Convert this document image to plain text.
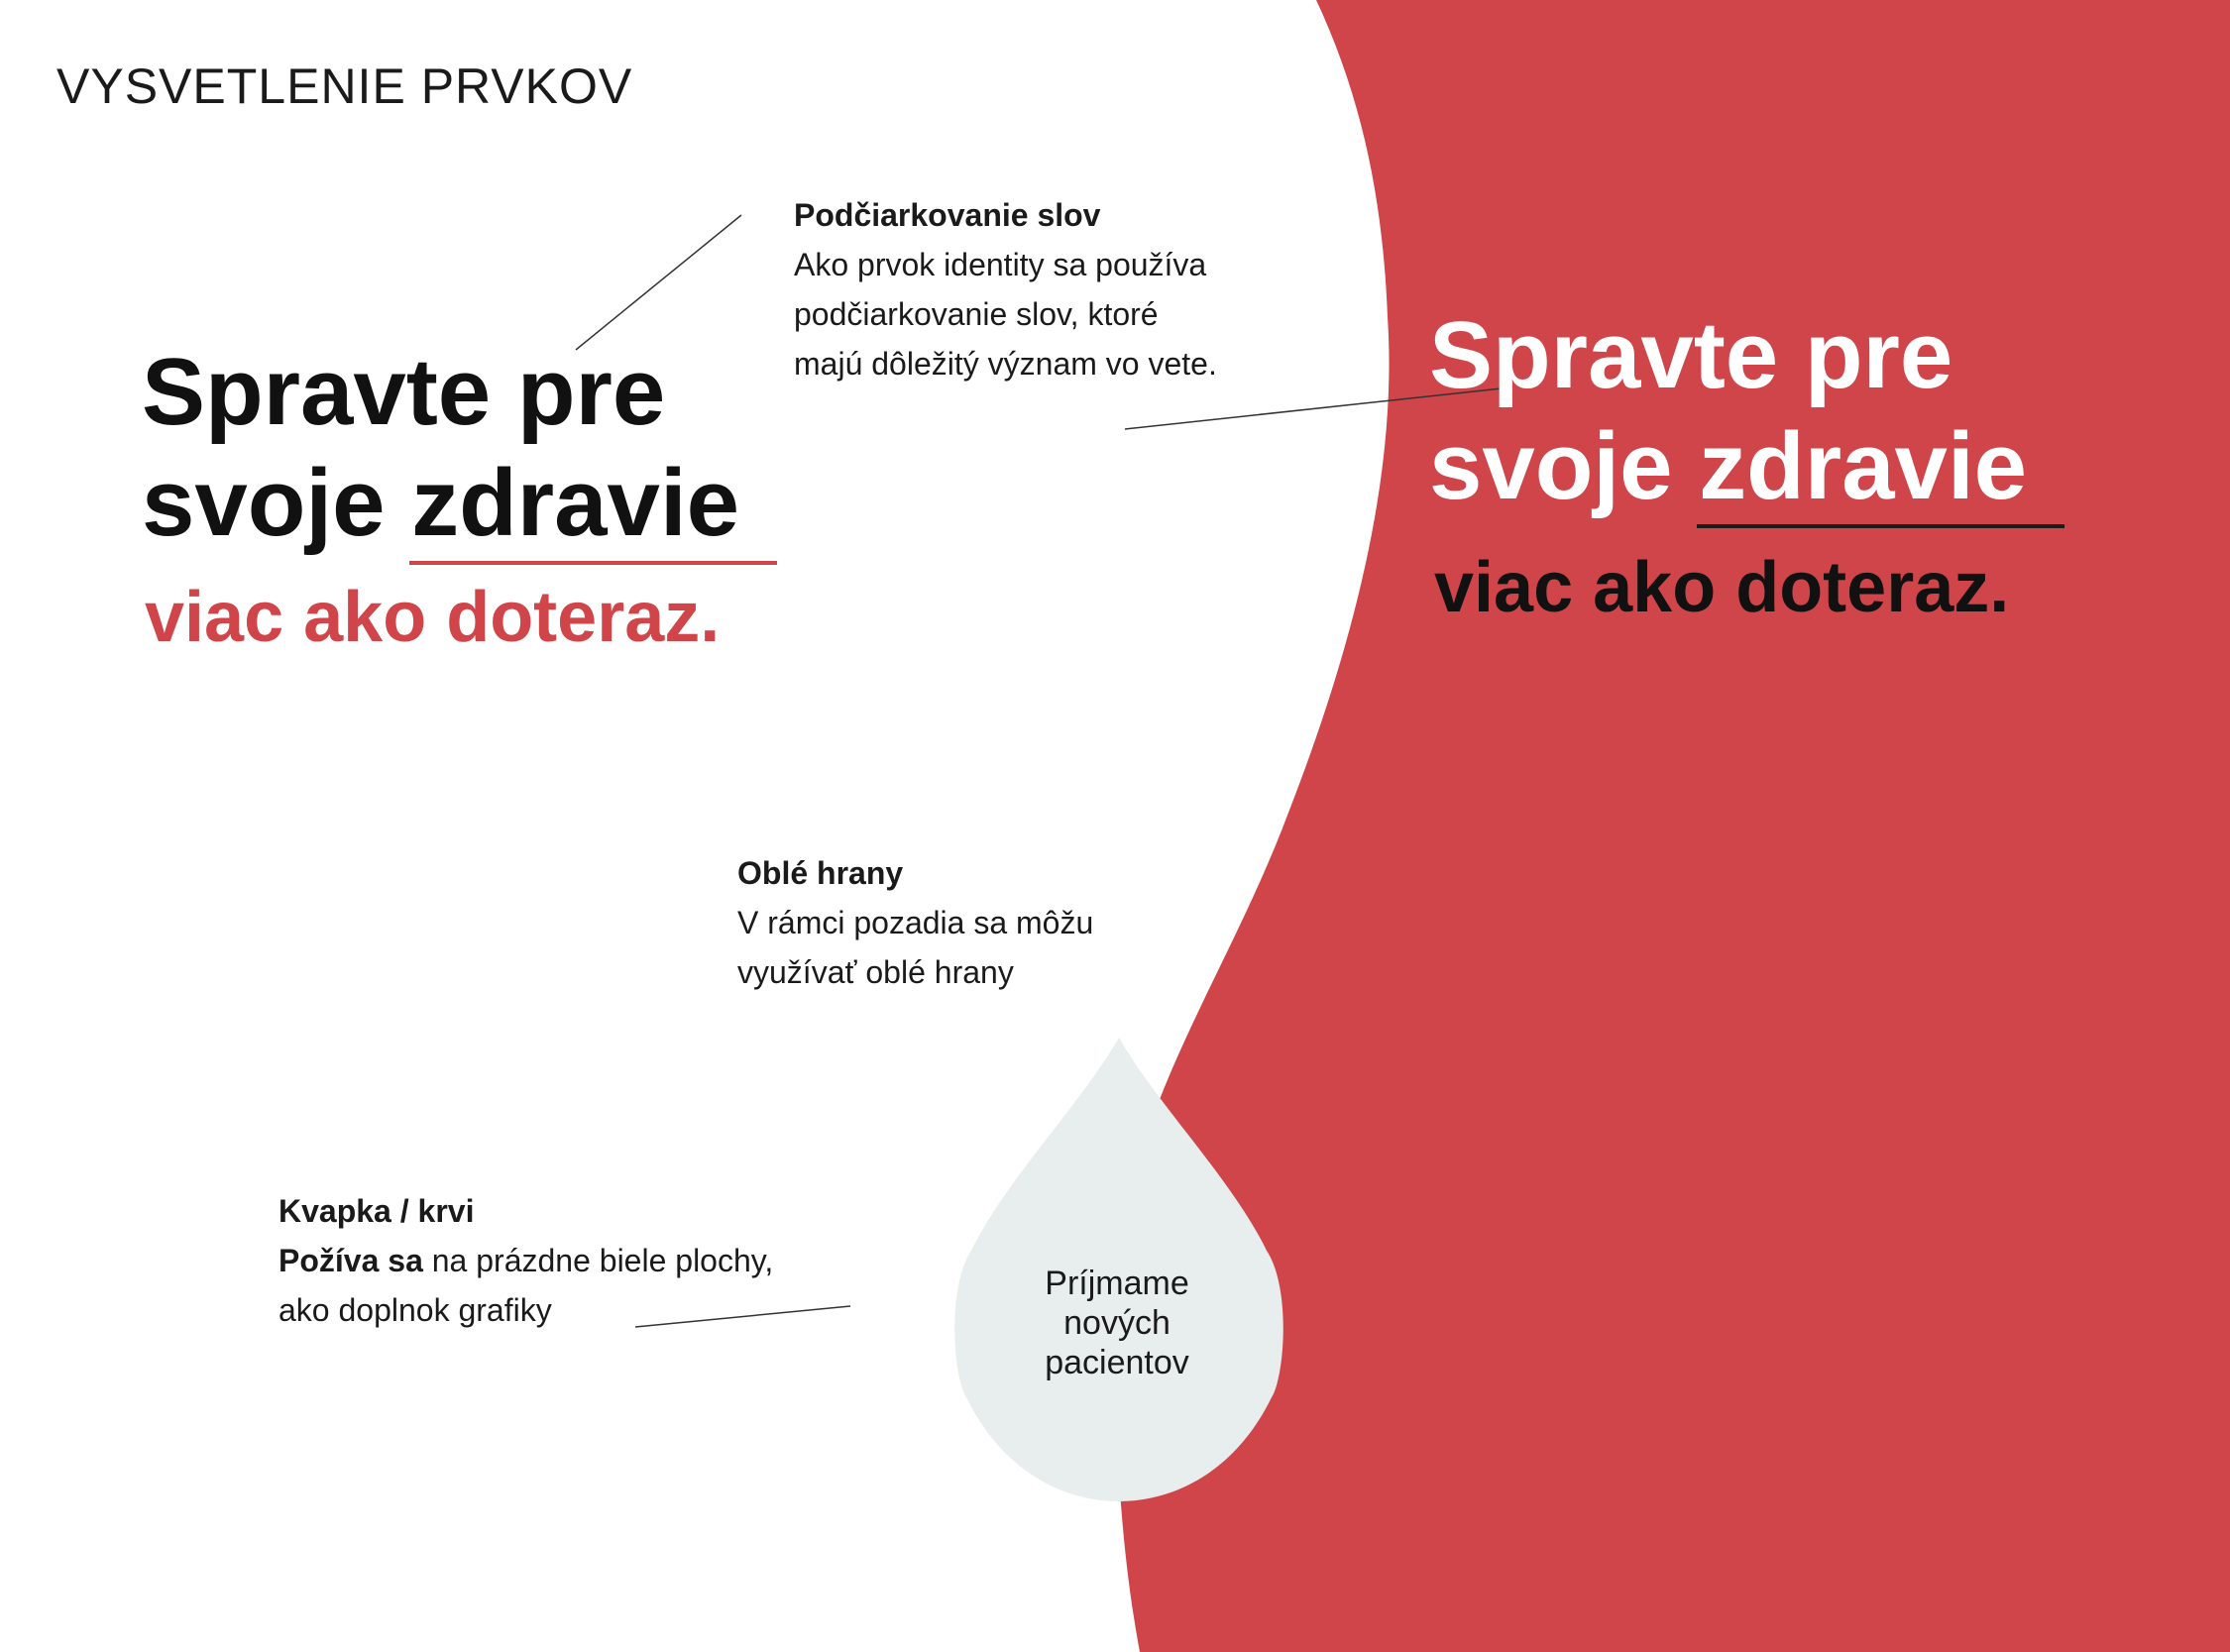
VYSVETLENIE PRVKOV
Spravte pre
svoje zdravie
viac ako doteraz.
Spravte pre
svoje zdravie
viac ako doteraz.
Podčiarkovanie slov
Ako prvok identity sa používa
podčiarkovanie slov, ktoré
majú dôležitý význam vo vete.
Oblé hrany
V rámci pozadia sa môžu
využívať oblé hrany
Kvapka / krvi
Požíva sa na prázdne biele plochy,
ako doplnok grafiky
Príjmame
nových
pacientov
